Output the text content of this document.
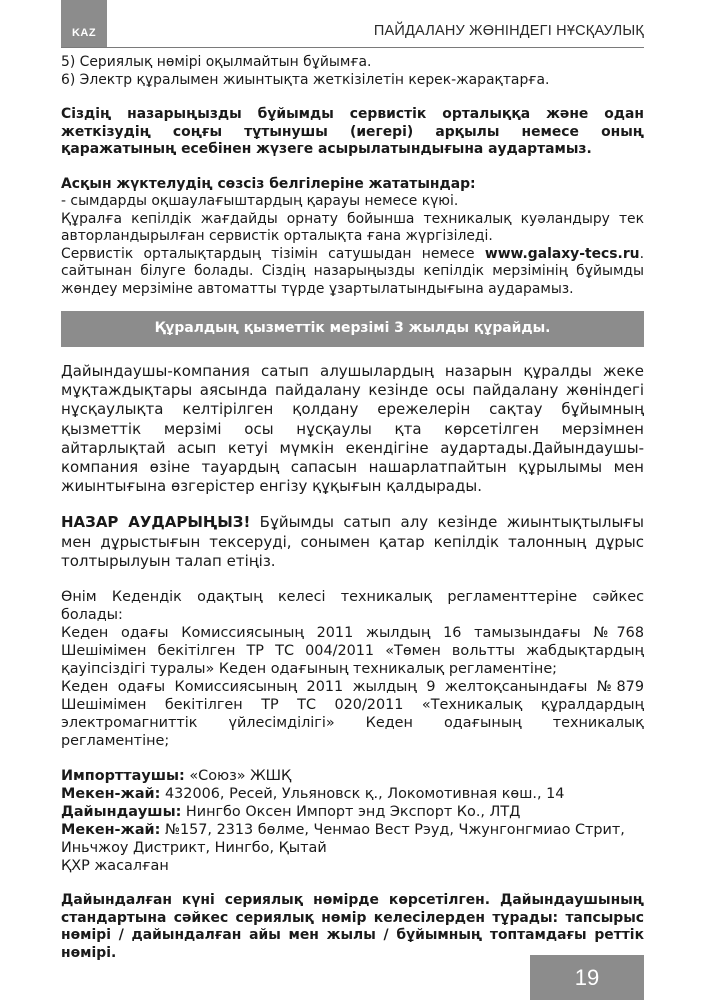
KAZ	ПАЙДАЛАНУ ЖӨНІНДЕГІ НҰСҚАУЛЫҚ

5) Сериялық нөмірі оқылмайтын бұйымға.

6) Электр құралымен жиынтықта жеткізілетін керек-жарақтарға.

Сіздің назарыңызды бұйымды сервистік орталыққа және одан жеткізудің соңғы тұтынушы (иегері) арқылы немесе оның қаражатының есебінен жүзеге асырылатындығына аудартамыз.

Асқын жүктелудің сөзсіз белгілеріне жататындар:

- сымдарды оқшаулағыштардың қарауы немесе күюі.

Құралға кепілдік жағдайды орнату бойынша техникалық куәландыру тек авторландырылған сервистік орталықта ғана жүргізіледі.

Сервистік орталықтардың тізімін сатушыдан немесе www.galaxy-tecs.ru. сайтынан білуге болады. Сіздің назарыңызды кепілдік мерзімінің бұйымды жөндеу мерзіміне автоматты түрде ұзартылатындығына аударамыз.

Құралдың қызметтік мерзімі 3 жылды құрайды.

Дайындаушы-компания сатып алушылардың назарын құралды жеке мұқтаждықтары аясында пайдалану кезінде осы пайдалану жөніндегі нұсқаулықта келтірілген қолдану ережелерін сақтау бұйымның қызметтік мерзімі осы нұсқаулы қта көрсетілген мерзімнен айтарлықтай асып кетуі мүмкін екендігіне аудартады.Дайындаушы-компания өзіне тауардың сапасын нашарлатпайтын құрылымы мен жиынтығына өзгерістер енгізу құқығын қалдырады.

НАЗАР АУДАРЫҢЫЗ! Бұйымды сатып алу кезінде жиынтықтылығы мен дұрыстығын тексеруді, сонымен қатар кепілдік талонның дұрыс толтырылуын талап етіңіз.

Өнім Кедендік одақтың келесі техникалық регламенттеріне сәйкес болады:

Кеден одағы Комиссиясының 2011 жылдың 16 тамызындағы №768 Шешімімен бекітілген ТР ТС 004/2011 «Төмен вольтты жабдықтардың қауіпсіздігі туралы» Кеден одағының техникалық регламентіне;

Кеден одағы Комиссиясының 2011 жылдың 9 желтоқсанындағы №879 Шешімімен бекітілген ТР ТС 020/2011 «Техникалық құралдардың электромагниттік үйлесімділігі» Кеден одағының техникалық регламентіне;

Импорттаушы: «Союз» ЖШҚ

Мекен-жай: 432006, Ресей, Ульяновск қ., Локомотивная көш., 14

Дайындаушы: Нингбо Оксен Импорт энд Экспорт Ко., ЛТД

Мекен-жай: №157, 2313 бөлме, Ченмао Вест Рэуд, Чжунгонгмиао Стрит, Иньчжоу Дистрикт, Нингбо, Қытай

ҚХР жасалған

Дайындалған күні сериялық нөмірде көрсетілген. Дайындаушының стандартына сәйкес сериялық нөмір келесілерден тұрады: тапсырыс нөмірі / дайындалған айы мен жылы / бұйымның топтамдағы реттік нөмірі.

19
